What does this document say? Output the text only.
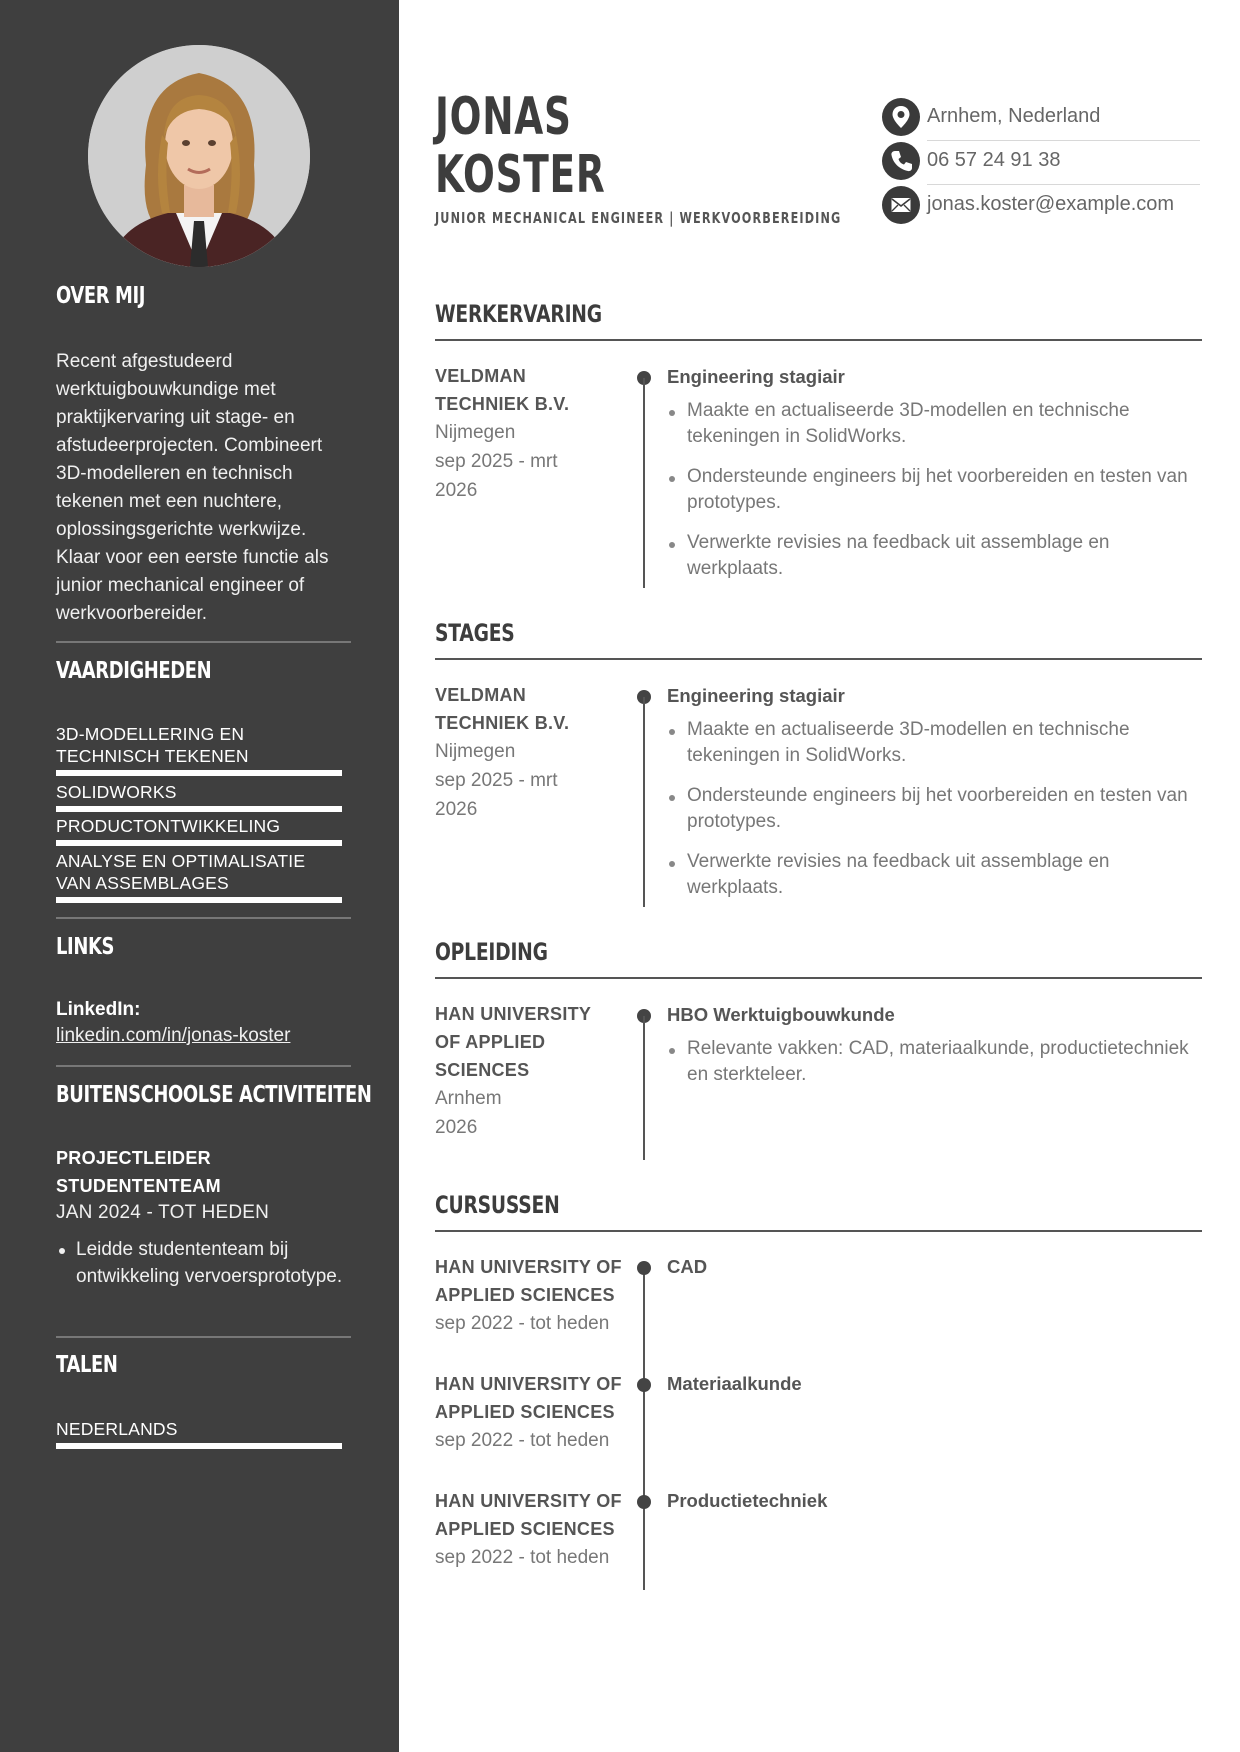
OVER MIJ

Recent afgestudeerd werktuigbouwkundige met praktijkervaring uit stage- en afstudeerprojecten. Combineert 3D-modelleren en technisch tekenen met een nuchtere, oplossingsgerichte werkwijze. Klaar voor een eerste functie als junior mechanical engineer of werkvoorbereider.

VAARDIGHEDEN
3D-MODELLERING EN
TECHNISCH TEKENEN
SOLIDWORKS
PRODUCTONTWIKKELING
ANALYSE EN OPTIMALISATIE
VAN ASSEMBLAGES
LINKS
LinkedIn:
linkedin.com/in/jonas-koster
BUITENSCHOOLSE ACTIVITEITEN
PROJECTLEIDER
STUDENTENTEAM
JAN 2024 - TOT HEDEN
Leidde studententeam bij ontwikkeling vervoersprototype.
TALEN
NEDERLANDS
JONAS
KOSTER
JUNIOR MECHANICAL ENGINEER | WERKVOORBEREIDING
Arnhem, Nederland
06 57 24 91 38
jonas.koster@example.com
WERKERVARING
VELDMAN
TECHNIEK B.V.
Nijmegen
sep 2025 - mrt
2026
Engineering stagiair
Maakte en actualiseerde 3D-modellen en technische tekeningen in SolidWorks.
Ondersteunde engineers bij het voorbereiden en testen van prototypes.
Verwerkte revisies na feedback uit assemblage en werkplaats.
STAGES
VELDMAN
TECHNIEK B.V.
Nijmegen
sep 2025 - mrt
2026
Engineering stagiair
Maakte en actualiseerde 3D-modellen en technische tekeningen in SolidWorks.
Ondersteunde engineers bij het voorbereiden en testen van prototypes.
Verwerkte revisies na feedback uit assemblage en werkplaats.
OPLEIDING
HAN UNIVERSITY
OF APPLIED
SCIENCES
Arnhem
2026
HBO Werktuigbouwkunde
Relevante vakken: CAD, materiaalkunde, productietechniek en sterkteleer.
CURSUSSEN
HAN UNIVERSITY OF
APPLIED SCIENCES
sep 2022 - tot heden
CAD
HAN UNIVERSITY OF
APPLIED SCIENCES
sep 2022 - tot heden
Materiaalkunde
HAN UNIVERSITY OF
APPLIED SCIENCES
sep 2022 - tot heden
Productietechniek
